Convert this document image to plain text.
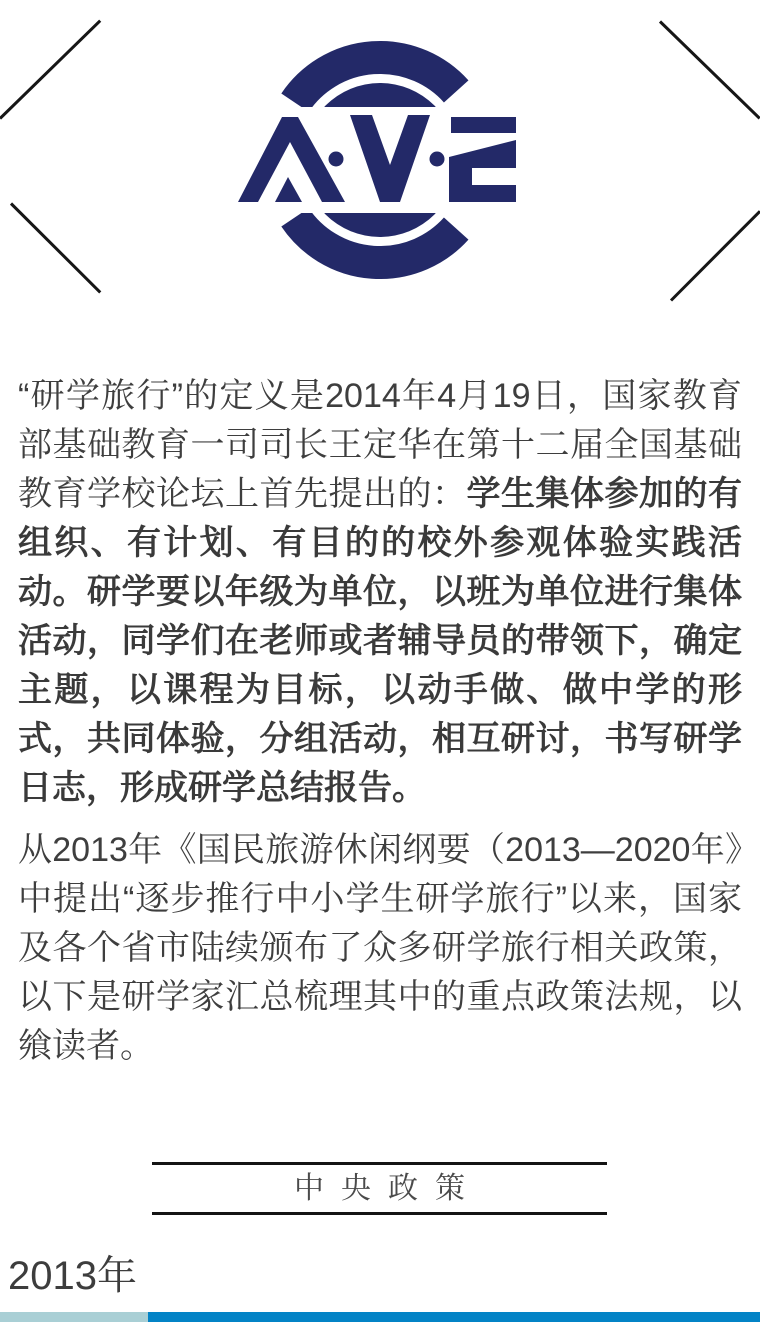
“研学旅行”的定义是2014年4月19日，国家教育部基础教育一司司长王定华在第十二届全国基础教育学校论坛上首先提出的：学生集体参加的有组织、有计划、有目的的校外参观体验实践活动。研学要以年级为单位，以班为单位进行集体活动，同学们在老师或者辅导员的带领下，确定主题，以课程为目标，以动手做、做中学的形式，共同体验，分组活动，相互研讨，书写研学日志，形成研学总结报告。

从2013年《国民旅游休闲纲要（2013—2020年》中提出“逐步推行中小学生研学旅行”以来，国家及各个省市陆续颁布了众多研学旅行相关政策，以下是研学家汇总梳理其中的重点政策法规，以飨读者。

中央政策
2013年
